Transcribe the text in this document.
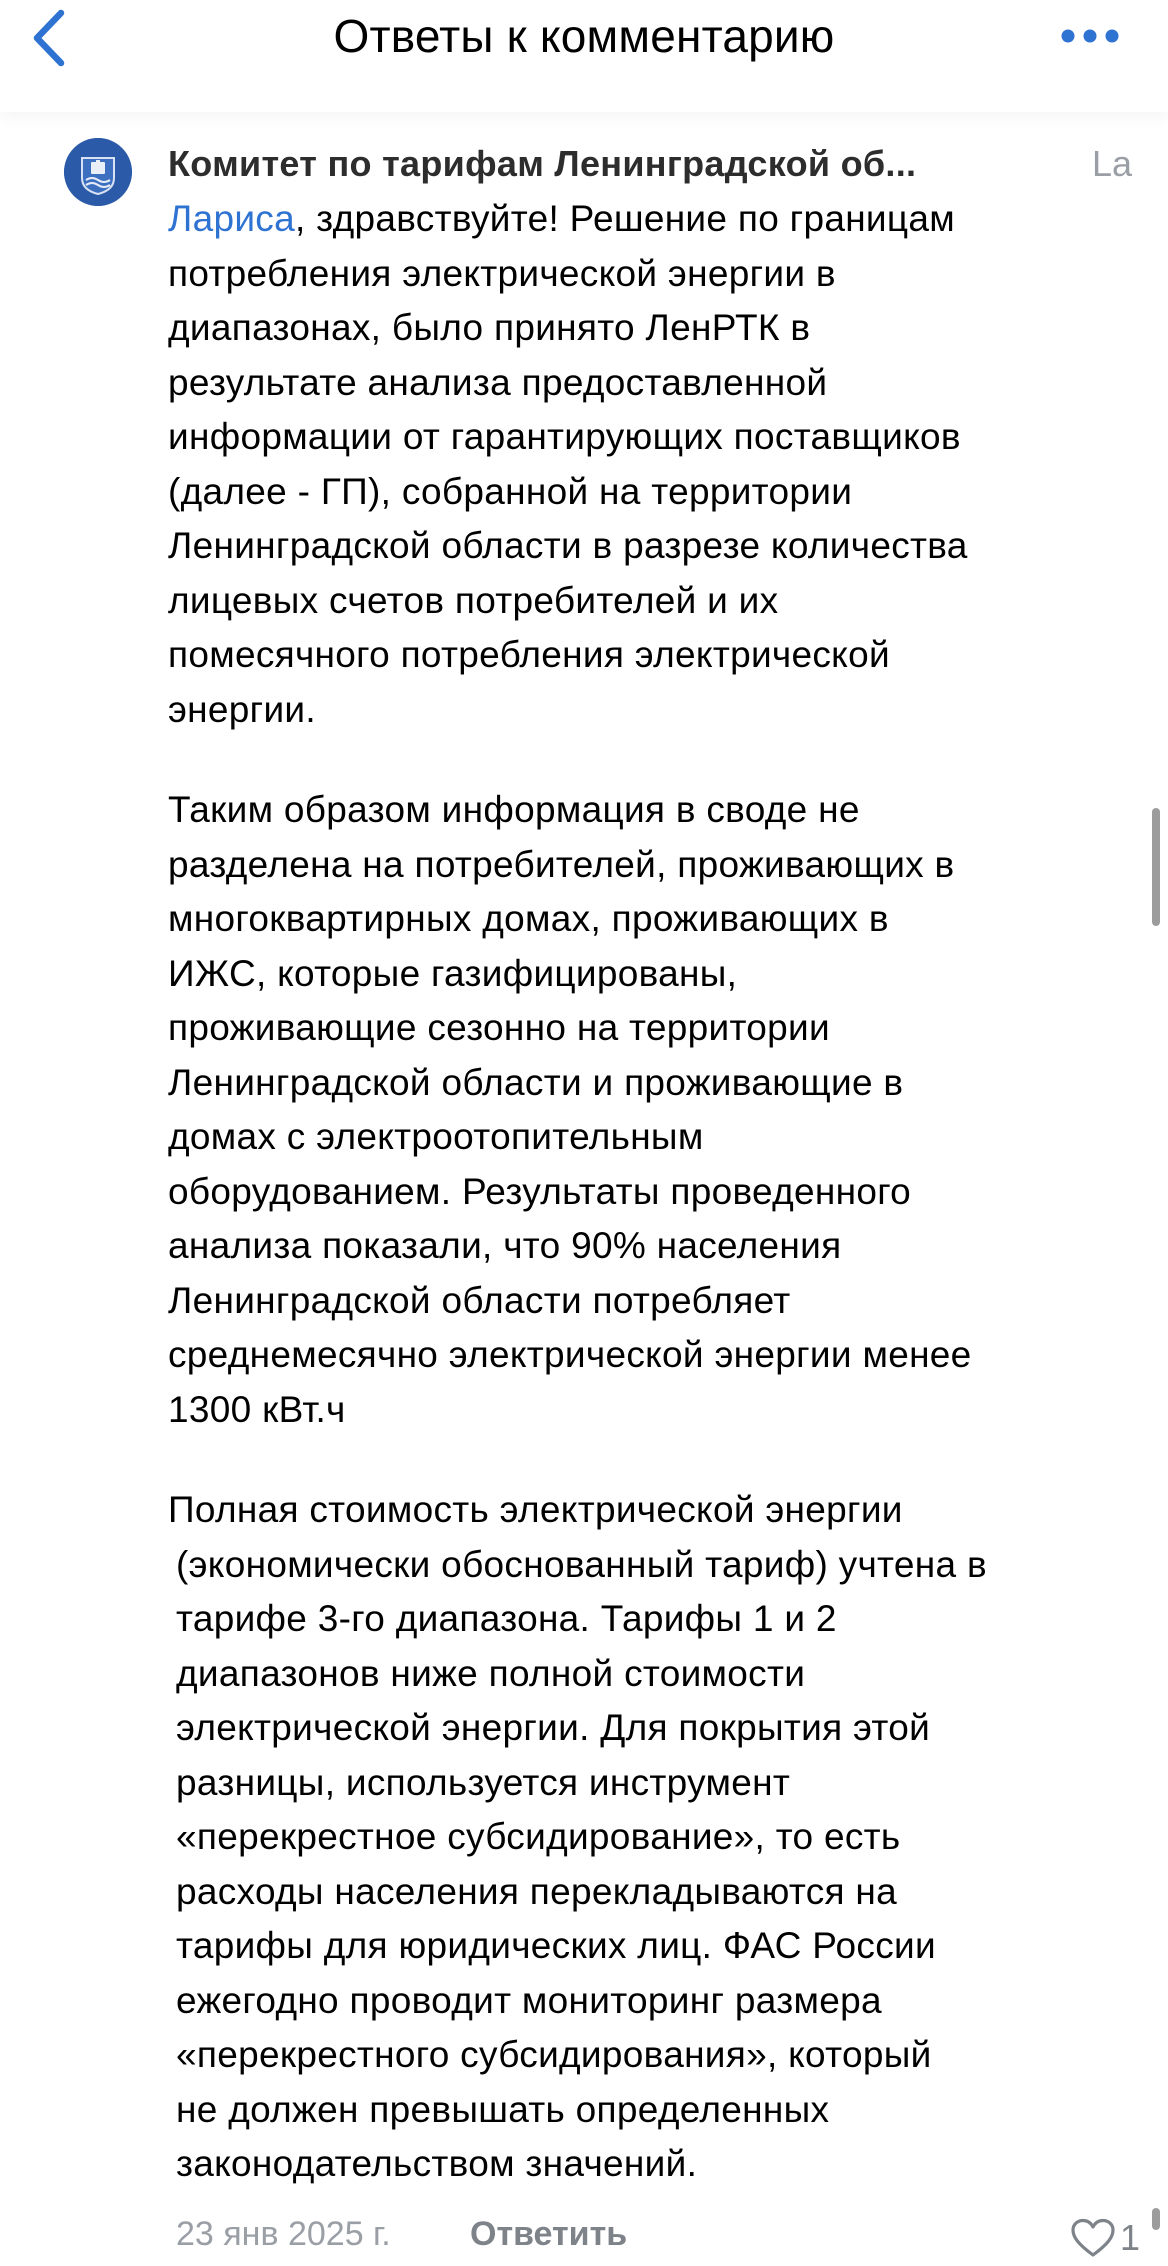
Ответы к комментарию
Комитет по тарифам Ленинградской об...	La

Лариса, здравствуйте! Решение по границам
потребления электрической энергии в
диапазонах, было принято ЛенРТК в
результате анализа предоставленной
информации от гарантирующих поставщиков
(далее - ГП), собранной на территории
Ленинградской области в разрезе количества
лицевых счетов потребителей и их
помесячного потребления электрической
энергии.

Таким образом информация в своде не
разделена на потребителей, проживающих в
многоквартирных домах, проживающих в
ИЖС, которые газифицированы,
проживающие сезонно на территории
Ленинградской области и проживающие в
домах с электроотопительным
оборудованием. Результаты проведенного
анализа показали, что 90% населения
Ленинградской области потребляет
среднемесячно электрической энергии менее
1300 кВт.ч

Полная стоимость электрической энергии
(экономически обоснованный тариф) учтена в
тарифе 3-го диапазона. Тарифы 1 и 2
диапазонов ниже полной стоимости
электрической энергии. Для покрытия этой
разницы, используется инструмент
«перекрестное субсидирование», то есть
расходы населения перекладываются на
тарифы для юридических лиц. ФАС России
ежегодно проводит мониторинг размера
«перекрестного субсидирования», который
не должен превышать определенных
законодательством значений.

23 янв 2025 г. Ответить	1
